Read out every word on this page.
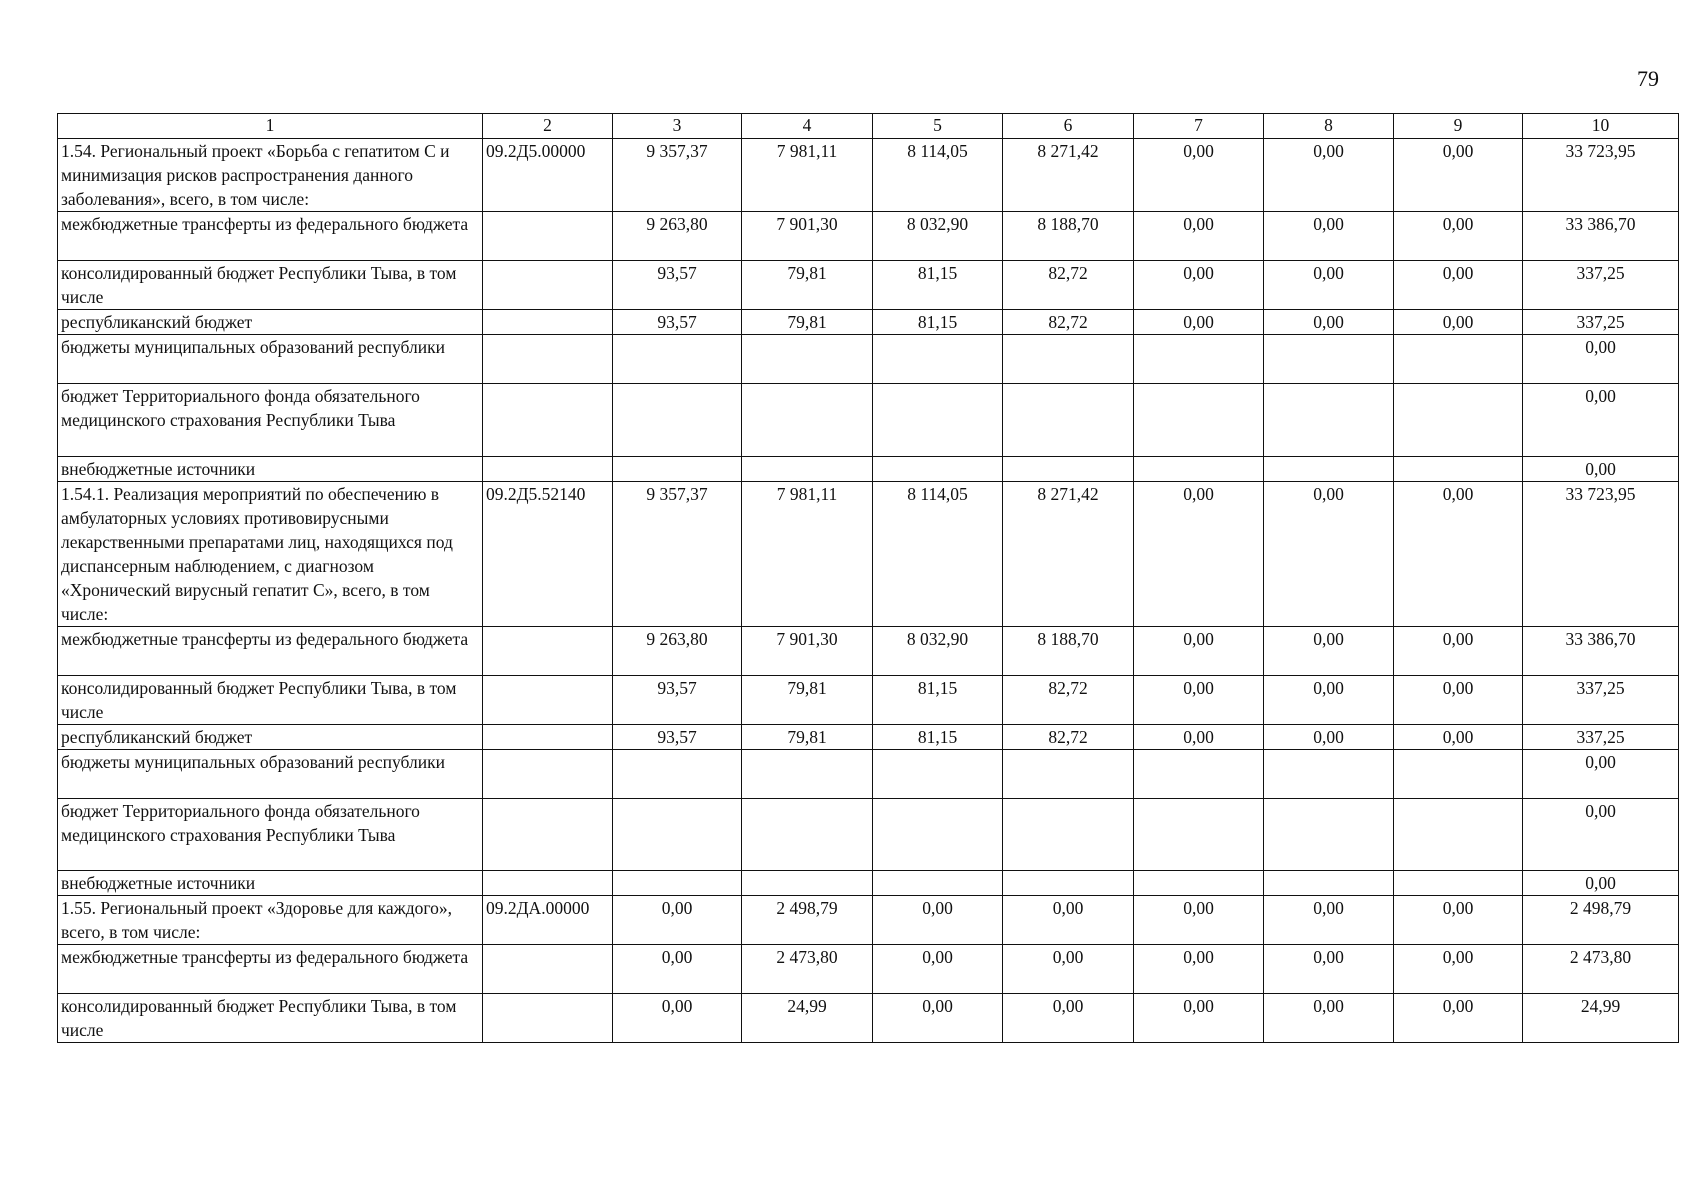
79
1	2	3	4	5	6	7	8	9	10
1.54. Региональный проект «Борьба с гепатитом С и минимизация рисков распространения данного заболевания», всего, в том числе:	09.2Д5.00000	9 357,37	7 981,11	8 114,05	8 271,42	0,00	0,00	0,00	33 723,95
межбюджетные трансферты из федерального бюджета		9 263,80	7 901,30	8 032,90	8 188,70	0,00	0,00	0,00	33 386,70
консолидированный бюджет Республики Тыва, в том числе		93,57	79,81	81,15	82,72	0,00	0,00	0,00	337,25
республиканский бюджет		93,57	79,81	81,15	82,72	0,00	0,00	0,00	337,25
бюджеты муниципальных образований республики									0,00
бюджет Территориального фонда обязательного медицинского страхования Республики Тыва									0,00
внебюджетные источники									0,00
1.54.1. Реализация мероприятий по обеспечению в амбулаторных условиях противовирусными лекарственными препаратами лиц, находящихся под диспансерным наблюдением, с диагнозом «Хронический вирусный гепатит С», всего, в том числе:	09.2Д5.52140	9 357,37	7 981,11	8 114,05	8 271,42	0,00	0,00	0,00	33 723,95
межбюджетные трансферты из федерального бюджета		9 263,80	7 901,30	8 032,90	8 188,70	0,00	0,00	0,00	33 386,70
консолидированный бюджет Республики Тыва, в том числе		93,57	79,81	81,15	82,72	0,00	0,00	0,00	337,25
республиканский бюджет		93,57	79,81	81,15	82,72	0,00	0,00	0,00	337,25
бюджеты муниципальных образований республики									0,00
бюджет Территориального фонда обязательного медицинского страхования Республики Тыва									0,00
внебюджетные источники									0,00
1.55. Региональный проект «Здоровье для каждого», всего, в том числе:	09.2ДА.00000	0,00	2 498,79	0,00	0,00	0,00	0,00	0,00	2 498,79
межбюджетные трансферты из федерального бюджета		0,00	2 473,80	0,00	0,00	0,00	0,00	0,00	2 473,80
консолидированный бюджет Республики Тыва, в том числе		0,00	24,99	0,00	0,00	0,00	0,00	0,00	24,99
